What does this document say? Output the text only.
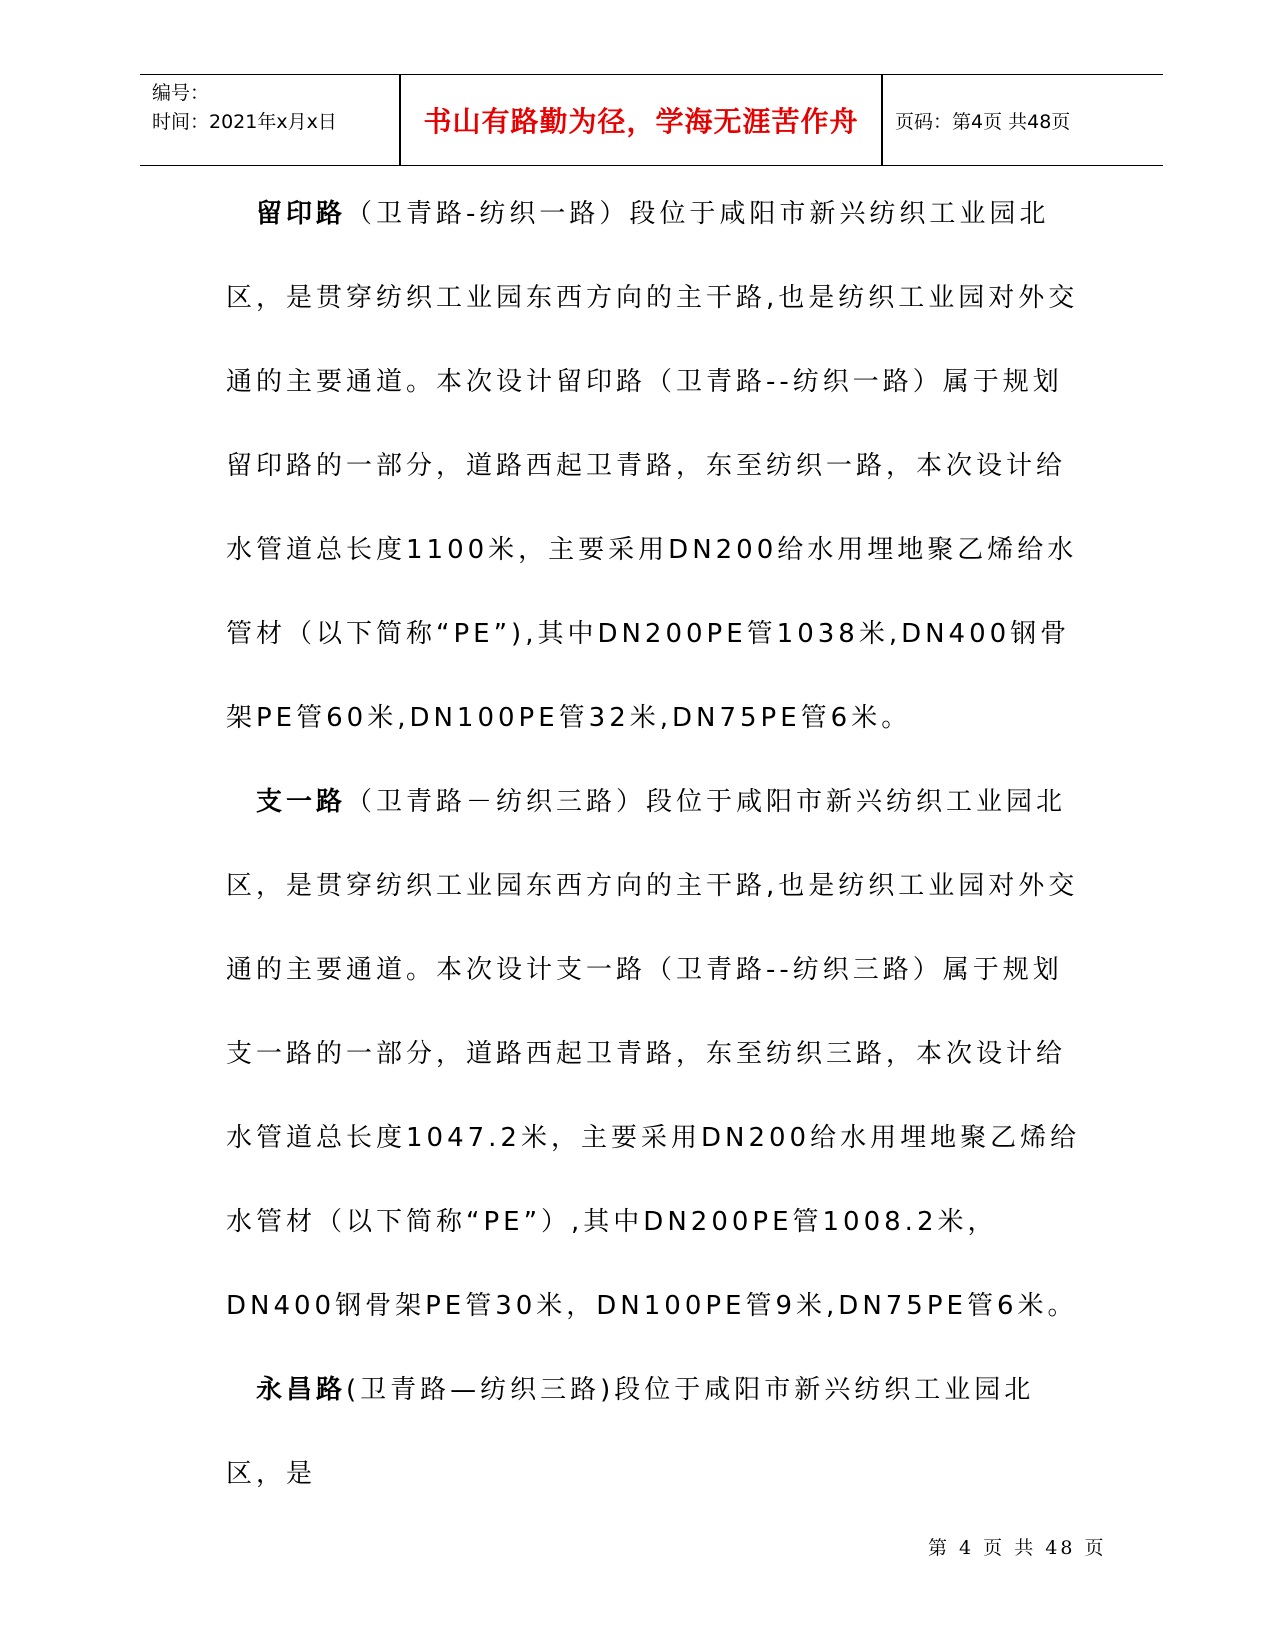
编号：
时间：2021年x月x日	书山有路勤为径，学海无涯苦作舟	页码：第4页 共48页

留印路（卫青路-纺织一路）段位于咸阳市新兴纺织工业园北区，是贯穿纺织工业园东西方向的主干路,也是纺织工业园对外交通的主要通道。本次设计留印路（卫青路--纺织一路）属于规划留印路的一部分，道路西起卫青路，东至纺织一路，本次设计给水管道总长度1100米，主要采用DN200给水用埋地聚乙烯给水管材（以下简称“PE”),其中DN200PE管1038米,DN400钢骨架PE管60米,DN100PE管32米,DN75PE管6米。

支一路（卫青路－纺织三路）段位于咸阳市新兴纺织工业园北区，是贯穿纺织工业园东西方向的主干路,也是纺织工业园对外交通的主要通道。本次设计支一路（卫青路--纺织三路）属于规划支一路的一部分，道路西起卫青路，东至纺织三路，本次设计给水管道总长度1047.2米，主要采用DN200给水用埋地聚乙烯给水管材（以下简称“PE”）,其中DN200PE管1008.2米，DN400钢骨架PE管30米，DN100PE管9米,DN75PE管6米。

永昌路(卫青路—纺织三路)段位于咸阳市新兴纺织工业园北区，是

第 4 页 共 48 页
